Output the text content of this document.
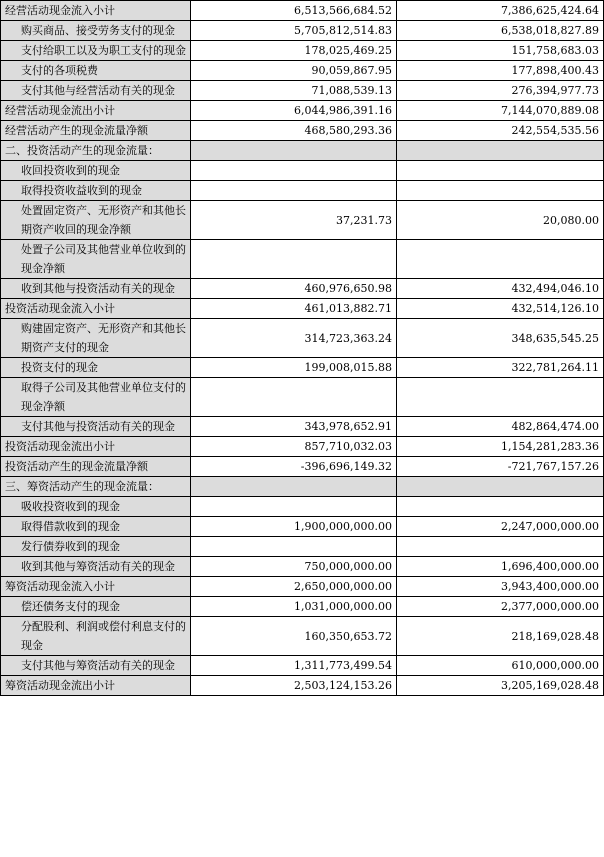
经营活动现金流入小计	6,513,566,684.52	7,386,625,424.64
购买商品、接受劳务支付的现金	5,705,812,514.83	6,538,018,827.89
支付给职工以及为职工支付的现金	178,025,469.25	151,758,683.03
支付的各项税费	90,059,867.95	177,898,400.43
支付其他与经营活动有关的现金	71,088,539.13	276,394,977.73
经营活动现金流出小计	6,044,986,391.16	7,144,070,889.08
经营活动产生的现金流量净额	468,580,293.36	242,554,535.56
二、投资活动产生的现金流量：		
收回投资收到的现金		
取得投资收益收到的现金		
处置固定资产、无形资产和其他长期资产收回的现金净额	37,231.73	20,080.00
处置子公司及其他营业单位收到的现金净额		
收到其他与投资活动有关的现金	460,976,650.98	432,494,046.10
投资活动现金流入小计	461,013,882.71	432,514,126.10
购建固定资产、无形资产和其他长期资产支付的现金	314,723,363.24	348,635,545.25
投资支付的现金	199,008,015.88	322,781,264.11
取得子公司及其他营业单位支付的现金净额		
支付其他与投资活动有关的现金	343,978,652.91	482,864,474.00
投资活动现金流出小计	857,710,032.03	1,154,281,283.36
投资活动产生的现金流量净额	-396,696,149.32	-721,767,157.26
三、筹资活动产生的现金流量：		
吸收投资收到的现金		
取得借款收到的现金	1,900,000,000.00	2,247,000,000.00
发行债券收到的现金		
收到其他与筹资活动有关的现金	750,000,000.00	1,696,400,000.00
筹资活动现金流入小计	2,650,000,000.00	3,943,400,000.00
偿还债务支付的现金	1,031,000,000.00	2,377,000,000.00
分配股利、利润或偿付利息支付的现金	160,350,653.72	218,169,028.48
支付其他与筹资活动有关的现金	1,311,773,499.54	610,000,000.00
筹资活动现金流出小计	2,503,124,153.26	3,205,169,028.48
